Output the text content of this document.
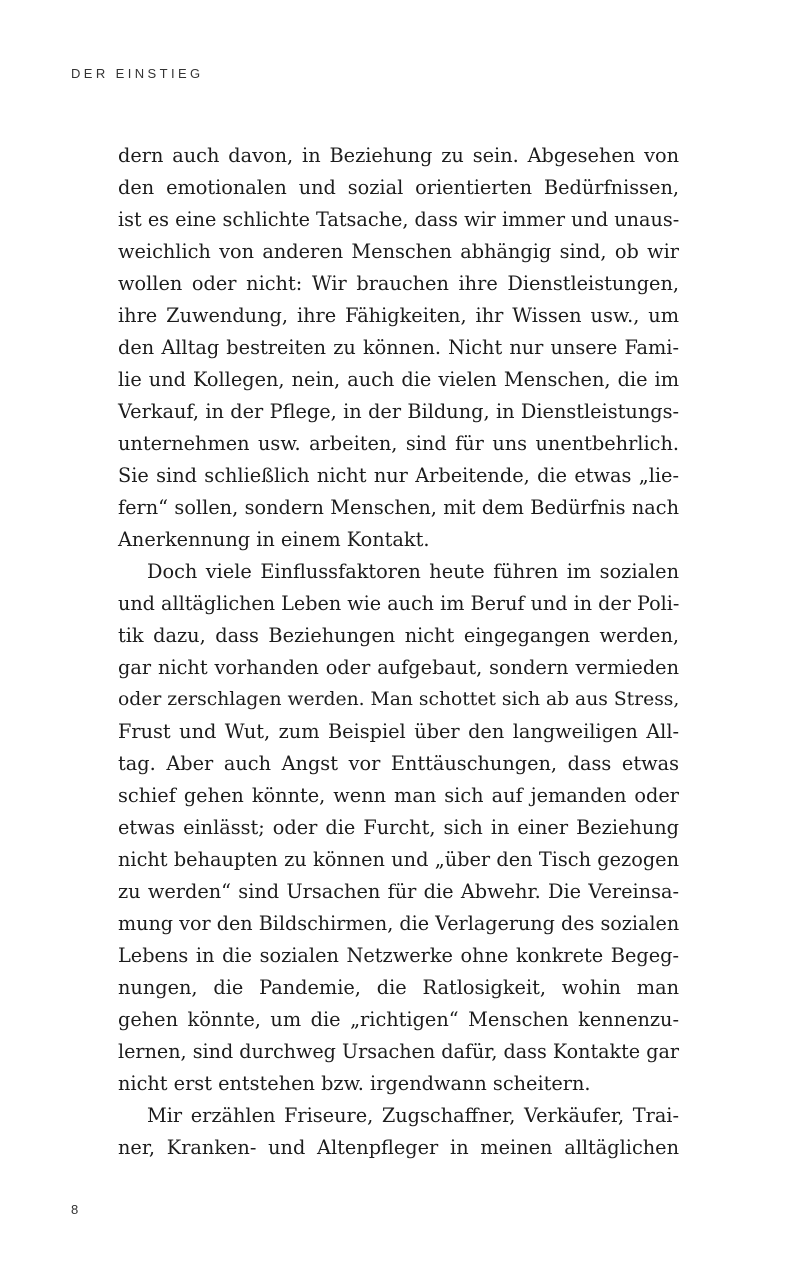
DER EINSTIEG
dern auch davon, in Beziehung zu sein. Abgesehen von
den emotionalen und sozial orientierten Bedürfnissen,
ist es eine schlichte Tatsache, dass wir immer und unaus-
weichlich von anderen Menschen abhängig sind, ob wir
wollen oder nicht: Wir brauchen ihre Dienstleistungen,
ihre Zuwendung, ihre Fähigkeiten, ihr Wissen usw., um
den Alltag bestreiten zu können. Nicht nur unsere Fami-
lie und Kollegen, nein, auch die vielen Menschen, die im
Verkauf, in der Pflege, in der Bildung, in Dienstleistungs-
unternehmen usw. arbeiten, sind für uns unentbehrlich.
Sie sind schließlich nicht nur Arbeitende, die etwas „lie-
fern“ sollen, sondern Menschen, mit dem Bedürfnis nach
Anerkennung in einem Kontakt.
Doch viele Einflussfaktoren heute führen im sozialen
und alltäglichen Leben wie auch im Beruf und in der Poli-
tik dazu, dass Beziehungen nicht eingegangen werden,
gar nicht vorhanden oder aufgebaut, sondern vermieden
oder zerschlagen werden. Man schottet sich ab aus Stress,
Frust und Wut, zum Beispiel über den langweiligen All-
tag. Aber auch Angst vor Enttäuschungen, dass etwas
schief gehen könnte, wenn man sich auf jemanden oder
etwas einlässt; oder die Furcht, sich in einer Beziehung
nicht behaupten zu können und „über den Tisch gezogen
zu werden“ sind Ursachen für die Abwehr. Die Vereinsa-
mung vor den Bildschirmen, die Verlagerung des sozialen
Lebens in die sozialen Netzwerke ohne konkrete Begeg-
nungen, die Pandemie, die Ratlosigkeit, wohin man
gehen könnte, um die „richtigen“ Menschen kennenzu-
lernen, sind durchweg Ursachen dafür, dass Kontakte gar
nicht erst entstehen bzw. irgendwann scheitern.
Mir erzählen Friseure, Zugschaffner, Verkäufer, Trai-
ner, Kranken- und Altenpfleger in meinen alltäglichen
8
